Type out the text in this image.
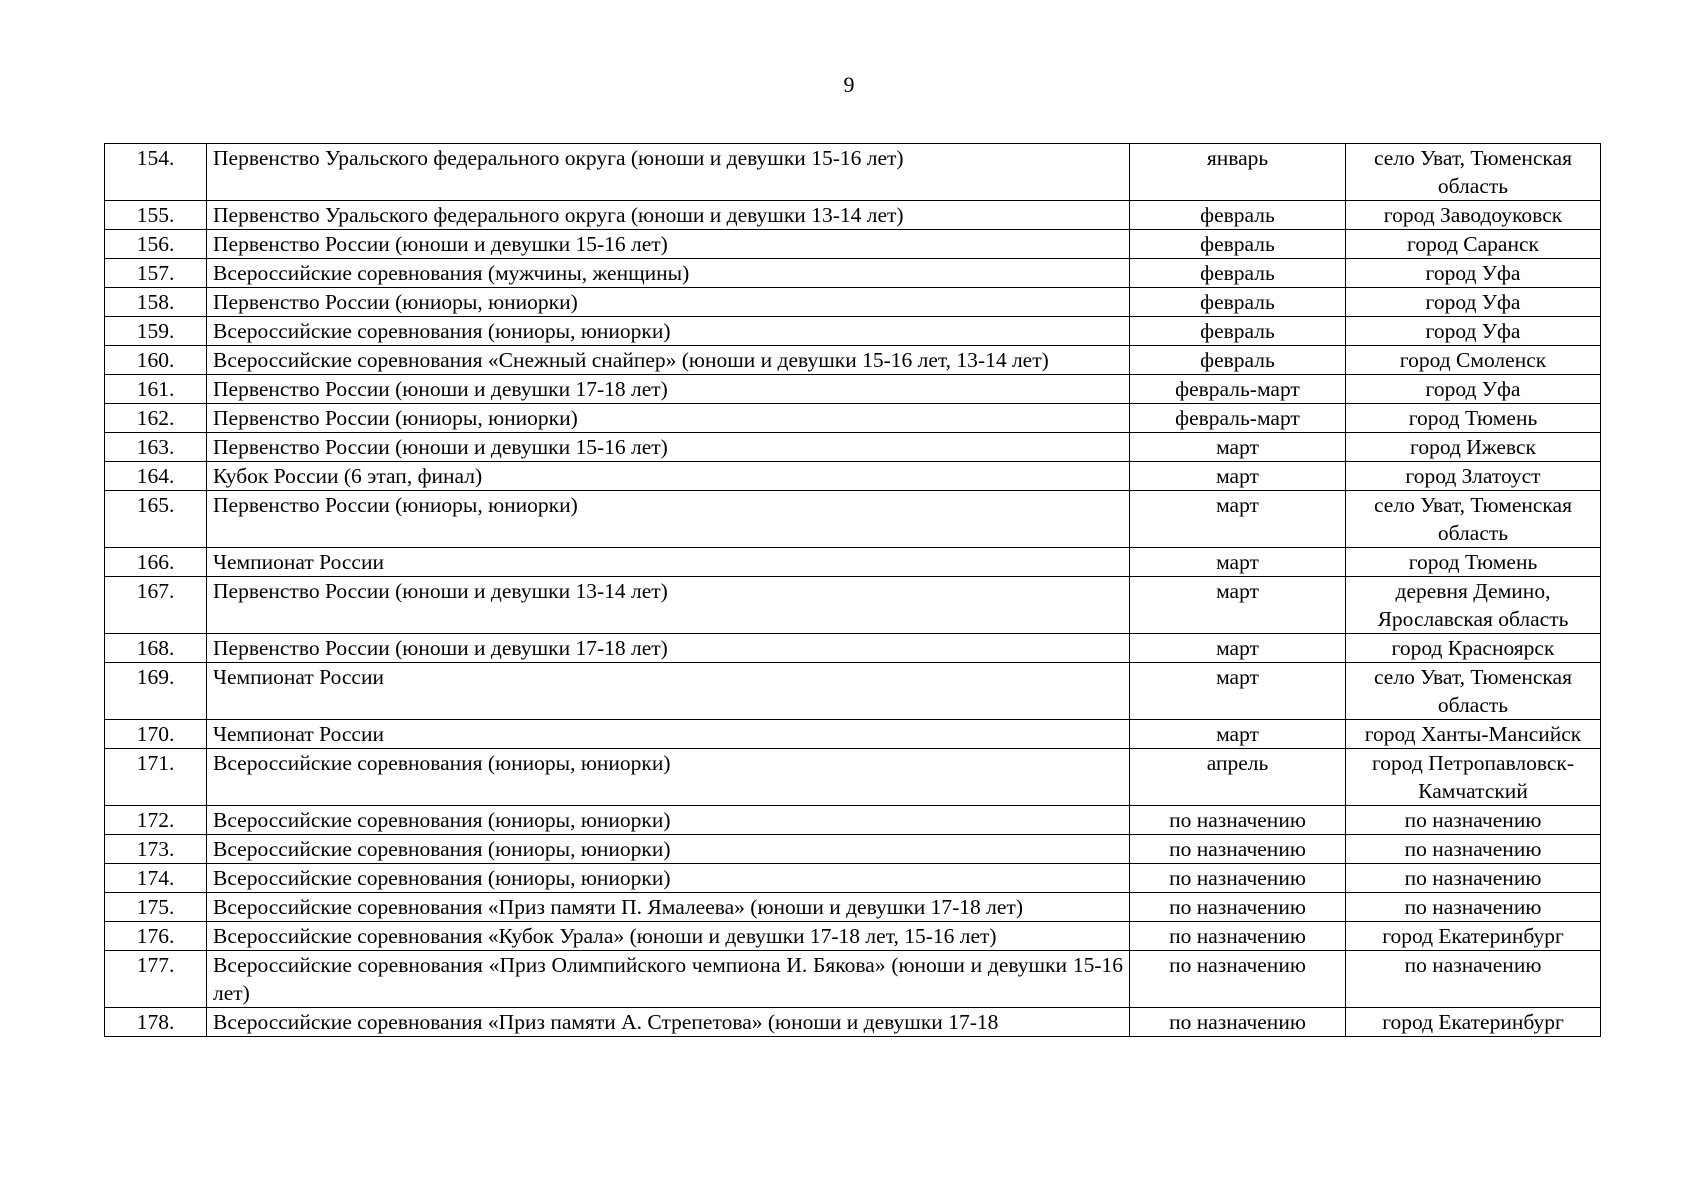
9
154.	Первенство Уральского федерального округа (юноши и девушки 15-16 лет)	январь	село Уват, Тюменская область
155.	Первенство Уральского федерального округа (юноши и девушки 13-14 лет)	февраль	город Заводоуковск
156.	Первенство России (юноши и девушки 15-16 лет)	февраль	город Саранск
157.	Всероссийские соревнования (мужчины, женщины)	февраль	город Уфа
158.	Первенство России (юниоры, юниорки)	февраль	город Уфа
159.	Всероссийские соревнования (юниоры, юниорки)	февраль	город Уфа
160.	Всероссийские соревнования «Снежный снайпер» (юноши и девушки 15-16 лет, 13-14 лет)	февраль	город Смоленск
161.	Первенство России (юноши и девушки 17-18 лет)	февраль-март	город Уфа
162.	Первенство России (юниоры, юниорки)	февраль-март	город Тюмень
163.	Первенство России (юноши и девушки 15-16 лет)	март	город Ижевск
164.	Кубок России (6 этап, финал)	март	город Златоуст
165.	Первенство России (юниоры, юниорки)	март	село Уват, Тюменская область
166.	Чемпионат России	март	город Тюмень
167.	Первенство России (юноши и девушки 13-14 лет)	март	деревня Демино, Ярославская область
168.	Первенство России (юноши и девушки 17-18 лет)	март	город Красноярск
169.	Чемпионат России	март	село Уват, Тюменская область
170.	Чемпионат России	март	город Ханты-Мансийск
171.	Всероссийские соревнования (юниоры, юниорки)	апрель	город Петропавловск-Камчатский
172.	Всероссийские соревнования (юниоры, юниорки)	по назначению	по назначению
173.	Всероссийские соревнования (юниоры, юниорки)	по назначению	по назначению
174.	Всероссийские соревнования (юниоры, юниорки)	по назначению	по назначению
175.	Всероссийские соревнования «Приз памяти П. Ямалеева» (юноши и девушки 17-18 лет)	по назначению	по назначению
176.	Всероссийские соревнования «Кубок Урала» (юноши и девушки 17-18 лет, 15-16 лет)	по назначению	город Екатеринбург
177.	Всероссийские соревнования «Приз Олимпийского чемпиона И. Бякова» (юноши и девушки 15-16 лет)	по назначению	по назначению
178.	Всероссийские соревнования «Приз памяти А. Стрепетова» (юноши и девушки 17-18	по назначению	город Екатеринбург
